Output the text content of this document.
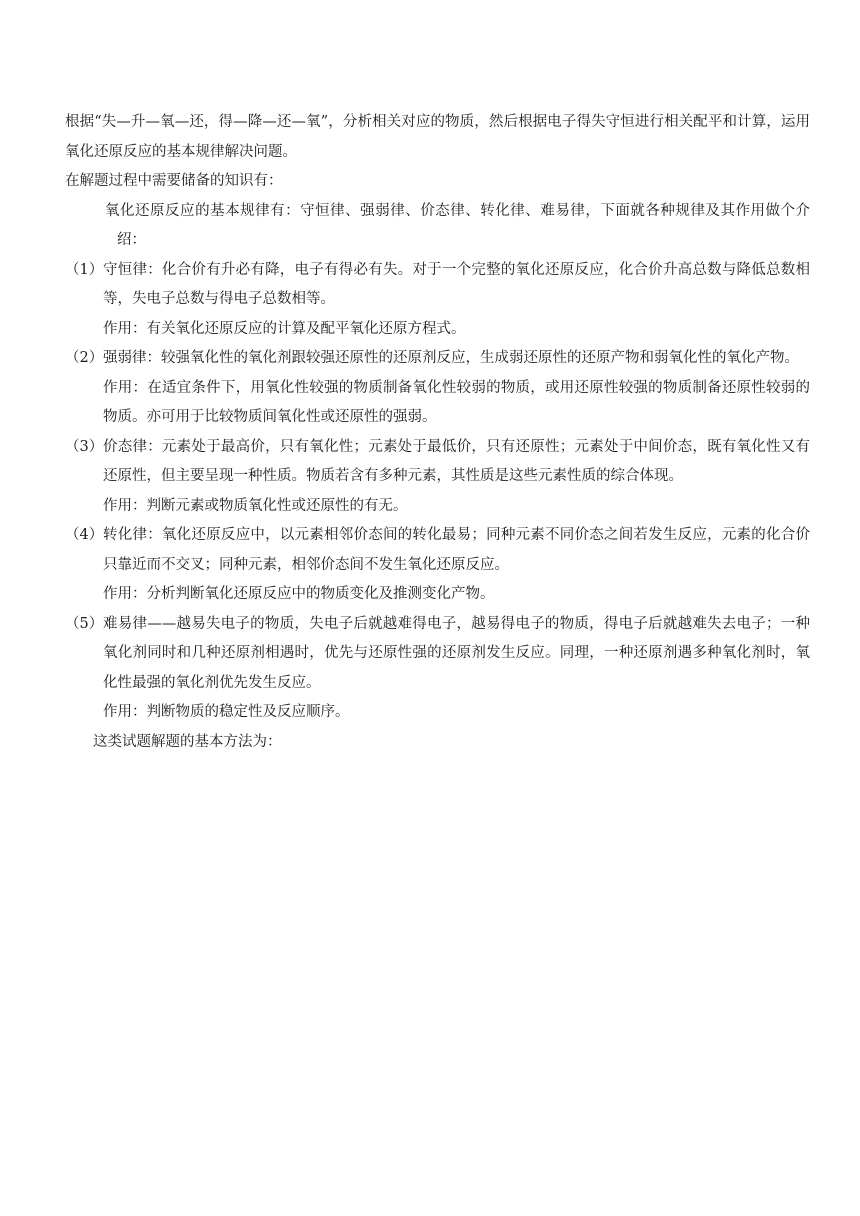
根据“失—升—氧—还，得—降—还—氧”，分析相关对应的物质，然后根据电子得失守恒进行相关配平和计算，运用氧化还原反应的基本规律解决问题。
在解题过程中需要储备的知识有：
氧化还原反应的基本规律有：守恒律、强弱律、价态律、转化律、难易律，下面就各种规律及其作用做个介绍：
（1） 守恒律：化合价有升必有降，电子有得必有失。对于一个完整的氧化还原反应，化合价升高总数与降低总数相等，失电子总数与得电子总数相等。
作用：有关氧化还原反应的计算及配平氧化还原方程式。
（2） 强弱律：较强氧化性的氧化剂跟较强还原性的还原剂反应，生成弱还原性的还原产物和弱氧化性的氧化产物。
作用：在适宜条件下，用氧化性较强的物质制备氧化性较弱的物质，或用还原性较强的物质制备还原性较弱的物质。亦可用于比较物质间氧化性或还原性的强弱。
（3） 价态律：元素处于最高价，只有氧化性；元素处于最低价，只有还原性；元素处于中间价态，既有氧化性又有还原性，但主要呈现一种性质。物质若含有多种元素，其性质是这些元素性质的综合体现。
作用：判断元素或物质氧化性或还原性的有无。
（4） 转化律：氧化还原反应中，以元素相邻价态间的转化最易；同种元素不同价态之间若发生反应，元素的化合价只靠近而不交叉；同种元素，相邻价态间不发生氧化还原反应。
作用：分析判断氧化还原反应中的物质变化及推测变化产物。
（5） 难易律——越易失电子的物质，失电子后就越难得电子，越易得电子的物质，得电子后就越难失去电子；一种氧化剂同时和几种还原剂相遇时，优先与还原性强的还原剂发生反应。同理，一种还原剂遇多种氧化剂时，氧化性最强的氧化剂优先发生反应。
作用：判断物质的稳定性及反应顺序。
这类试题解题的基本方法为：
